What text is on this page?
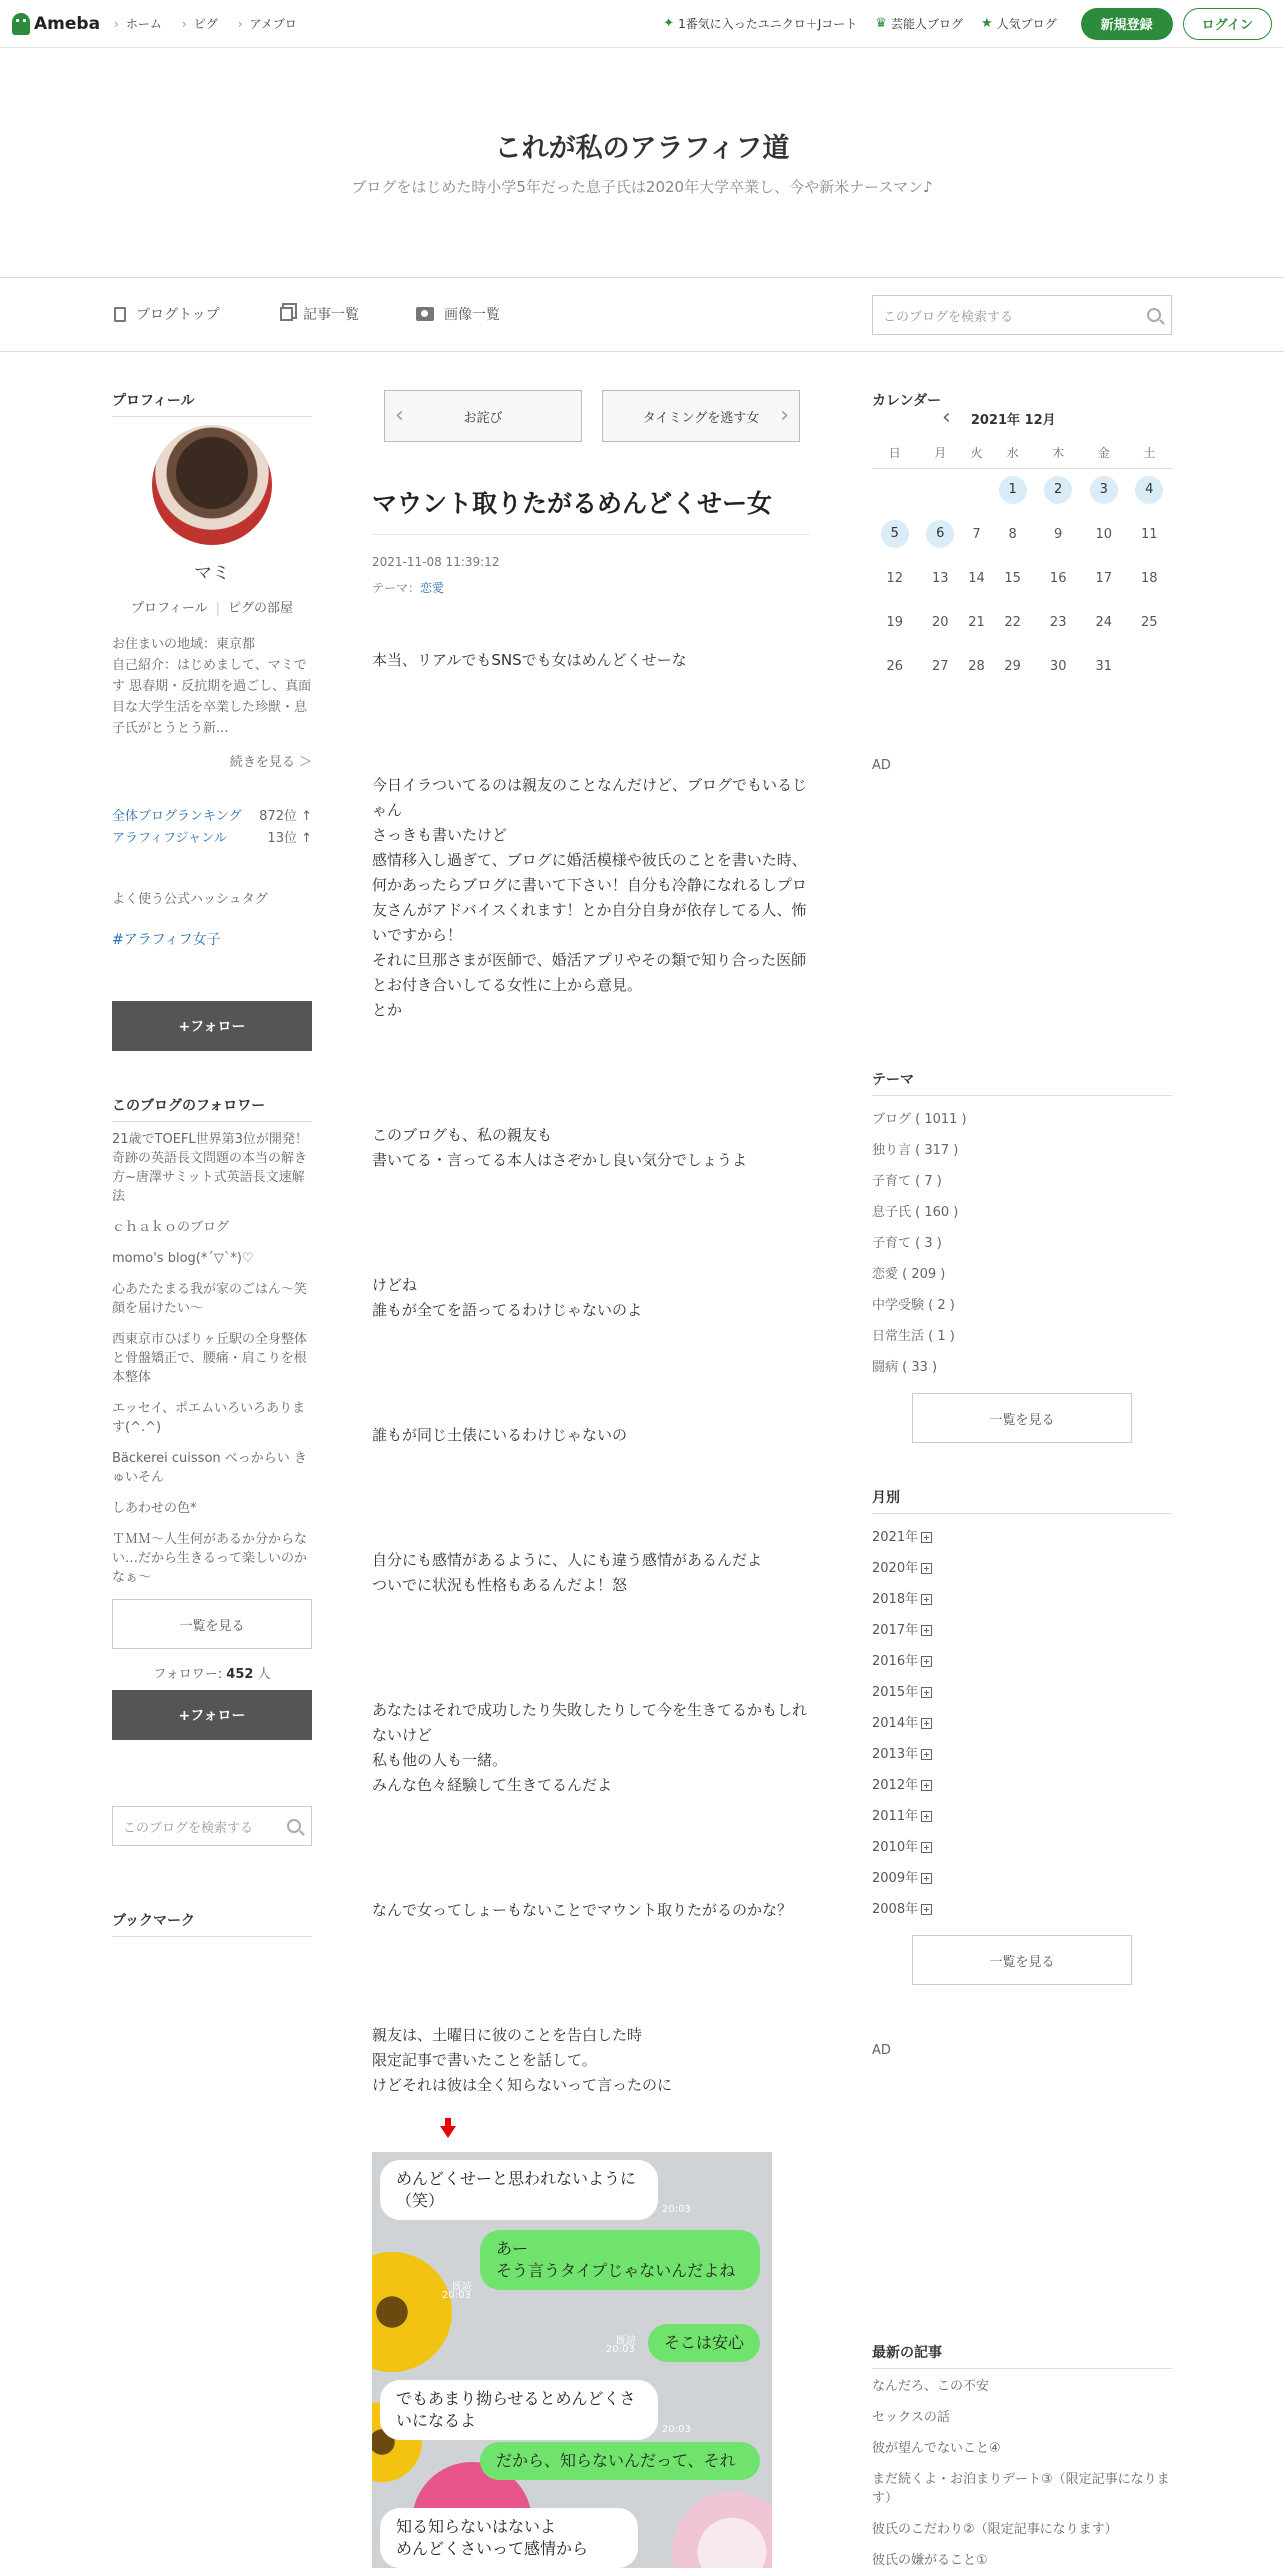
Ameba	› ホーム	› ピグ	› アメブロ	✦ 1番気に入ったユニクロ＋Jコート ♛ 芸能人ブログ ★ 人気ブログ	新規登録	ログイン
これが私のアラフィフ道
ブログをはじめた時小学5年だった息子氏は2020年大学卒業し、今や新米ナースマン♪
ブログトップ	記事一覧	画像一覧	このブログを検索する
プロフィール
マミ
プロフィール | ピグの部屋
お住まいの地域：東京都
自己紹介：はじめまして、マミです 思春期・反抗期を過ごし、真面目な大学生活を卒業した珍獣・息子氏がとうとう新...
続きを見る ＞
全体ブログランキング 872位 ↑
アラフィフジャンル	13位 ↑
よく使う公式ハッシュタグ
#アラフィフ女子
+フォロー
このブログのフォロワー
21歳でTOEFL世界第3位が開発！奇跡の英語長文問題の本当の解き方~唐澤サミット式英語長文速解法
ｃｈａｋｏのブログ
momo's blog(*´▽`*)♡
心あたたまる我が家のごはん〜笑顔を届けたい〜
西東京市ひばりヶ丘駅の全身整体と骨盤矯正で、腰痛・肩こりを根本整体
エッセイ、ポエムいろいろあります(^.^)
Bäckerei cuisson べっからい きゅいそん
しあわせの色*
ＴＭＭ～人生何があるか分からない…だから生きるって楽しいのかなぁ～
一覧を見る
フォロワー: 452 人
+フォロー
このブログを検索する
ブックマーク
‹	お詫び	タイミングを逃す女 ›
マウント取りたがるめんどくせー女
2021-11-08 11:39:12
テーマ：恋愛

本当、リアルでもSNSでも女はめんどくせーな

今日イラついてるのは親友のことなんだけど、ブログでもいるじゃん
さっきも書いたけど
感情移入し過ぎて、ブログに婚活模様や彼氏のことを書いた時、何かあったらブログに書いて下さい！自分も冷静になれるしプロ友さんがアドバイスくれます！とか自分自身が依存してる人、怖いですから！
それに旦那さまが医師で、婚活アプリやその類で知り合った医師とお付き合いしてる女性に上から意見。
とか

このブログも、私の親友も
書いてる・言ってる本人はさぞかし良い気分でしょうよ

けどね
誰もが全てを語ってるわけじゃないのよ

誰もが同じ土俵にいるわけじゃないの

自分にも感情があるように、人にも違う感情があるんだよ
ついでに状況も性格もあるんだよ！怒

あなたはそれで成功したり失敗したりして今を生きてるかもしれないけど
私も他の人も一緒。
みんな色々経験して生きてるんだよ

なんで女ってしょーもないことでマウント取りたがるのかな？

親友は、土曜日に彼のことを告白した時
限定記事で書いたことを話して。
けどそれは彼は全く知らないって言ったのに

めんどくせーと思われないように（笑）	20:03
あー
そう言うタイプじゃないんだよね
既読
20:03
そこは安心
既読
20:03
でもあまり拗らせるとめんどくさいになるよ	20:03
だから、知らないんだって、それ
知る知らないはないよ
めんどくさいって感情から
カレンダー
‹ 2021年 12月
日	月	火	水	木	金	土
			1	2	3	4
5	6	7	8	9	10	11
12	13	14	15	16	17	18
19	20	21	22	23	24	25
26	27	28	29	30	31	
AD
テーマ
ブログ ( 1011 )
独り言 ( 317 )
子育て ( 7 )
息子氏 ( 160 )
子育て ( 3 )
恋愛 ( 209 )
中学受験 ( 2 )
日常生活 ( 1 )
闘病 ( 33 )
一覧を見る
月別
2021年
2020年
2018年
2017年
2016年
2015年
2014年
2013年
2012年
2011年
2010年
2009年
2008年
一覧を見る
AD
最新の記事
なんだろ、この不安
セックスの話
彼が望んでないこと④
まだ続くよ・お泊まりデート③（限定記事になります）
彼氏のこだわり②（限定記事になります）
彼氏の嫌がること①
